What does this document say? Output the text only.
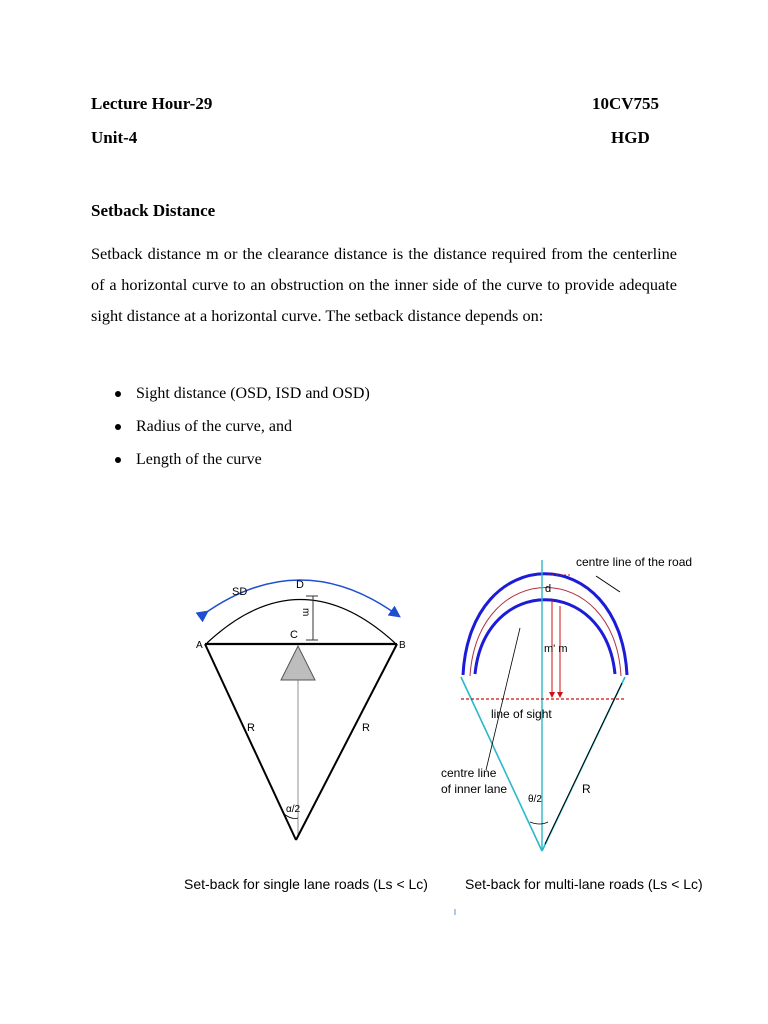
Lecture Hour-29	10CV755
Unit-4	HGD
Setback Distance
Setback distance m or the clearance distance is the distance required from the centerline of a horizontal curve to an obstruction on the inner side of the curve to provide adequate sight distance at a horizontal curve. The setback distance depends on:
Sight distance (OSD, ISD and OSD)
Radius of the curve, and
Length of the curve
SD
D
m
C
A	B
R	R
α/2
Set-back for single lane roads (Ls < Lc)
centre line of the road
d
m' m
line of sight
centre line
of inner lane	R
θ/2
Set-back for multi-lane roads (Ls < Lc)
